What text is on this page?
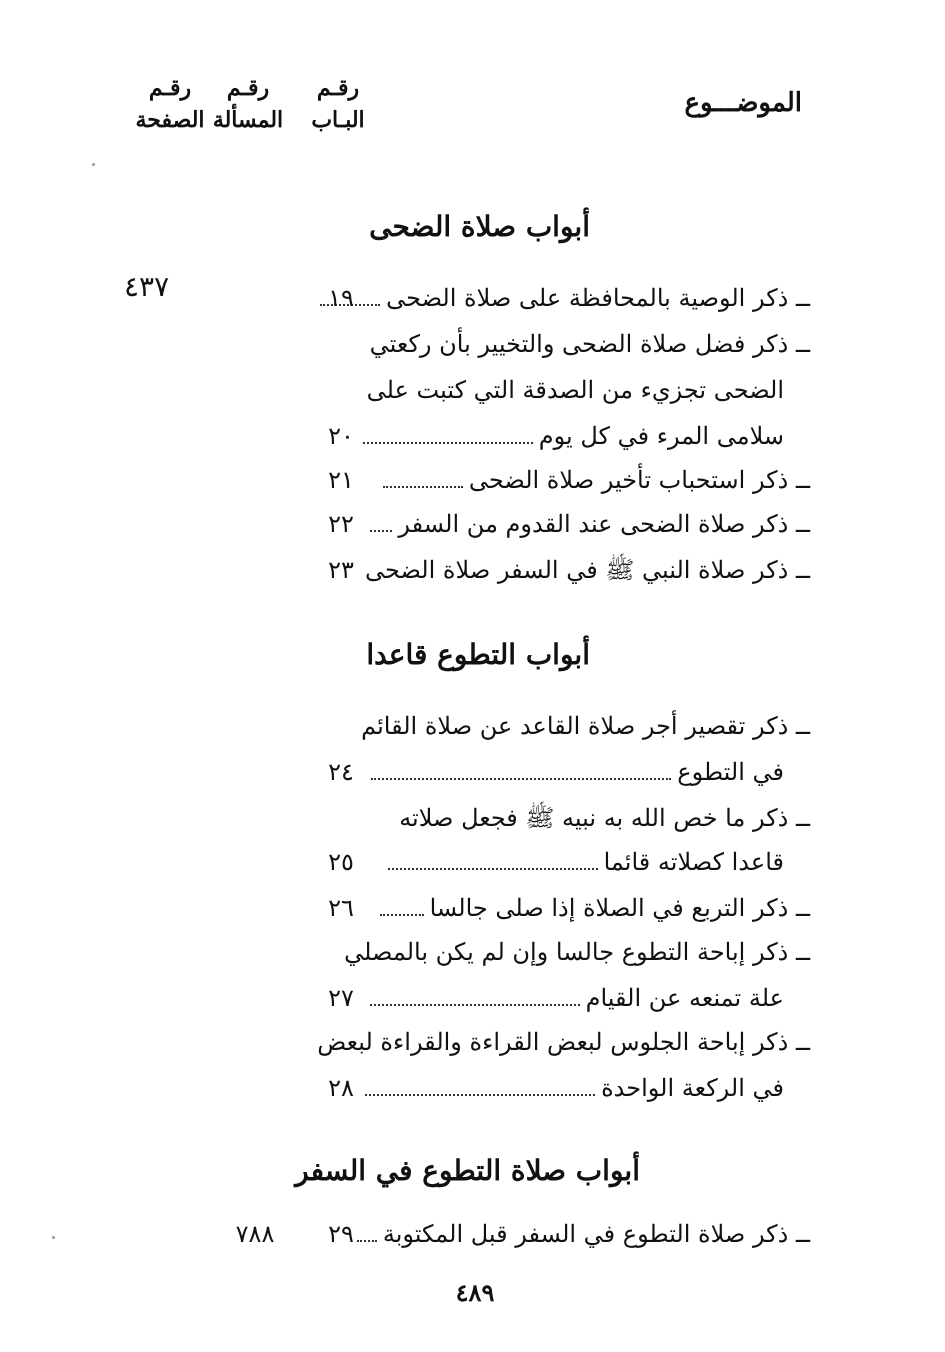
الموضـــوع
رقـم
البـاب
رقـم
المسألة
رقـم
الصفحة
٤٣٧
أبواب صلاة الضحى
ــ ذكر الوصية بالمحافظة على صلاة الضحى
١٩
ــ ذكر فضل صلاة الضحى والتخيير بأن ركعتي
الضحى تجزيء من الصدقة التي كتبت على
سلامى المرء في كل يوم
٢٠
ــ ذكر استحباب تأخير صلاة الضحى
٢١
ــ ذكر صلاة الضحى عند القدوم من السفر
٢٢
ــ ذكر صلاة النبي ﷺ في السفر صلاة الضحى
٢٣
أبواب التطوع قاعدا
ــ ذكر تقصير أجر صلاة القاعد عن صلاة القائم
في التطوع
٢٤
ــ ذكر ما خص الله به نبيه ﷺ فجعل صلاته
قاعدا كصلاته قائما
٢٥
ــ ذكر التربع في الصلاة إذا صلى جالسا
٢٦
ــ ذكر إباحة التطوع جالسا وإن لم يكن بالمصلي
علة تمنعه عن القيام
٢٧
ــ ذكر إباحة الجلوس لبعض القراءة والقراءة لبعض
في الركعة الواحدة
٢٨
أبواب صلاة التطوع في السفر
ــ ذكر صلاة التطوع في السفر قبل المكتوبة
٢٩
٧٨٨
٤٨٩
